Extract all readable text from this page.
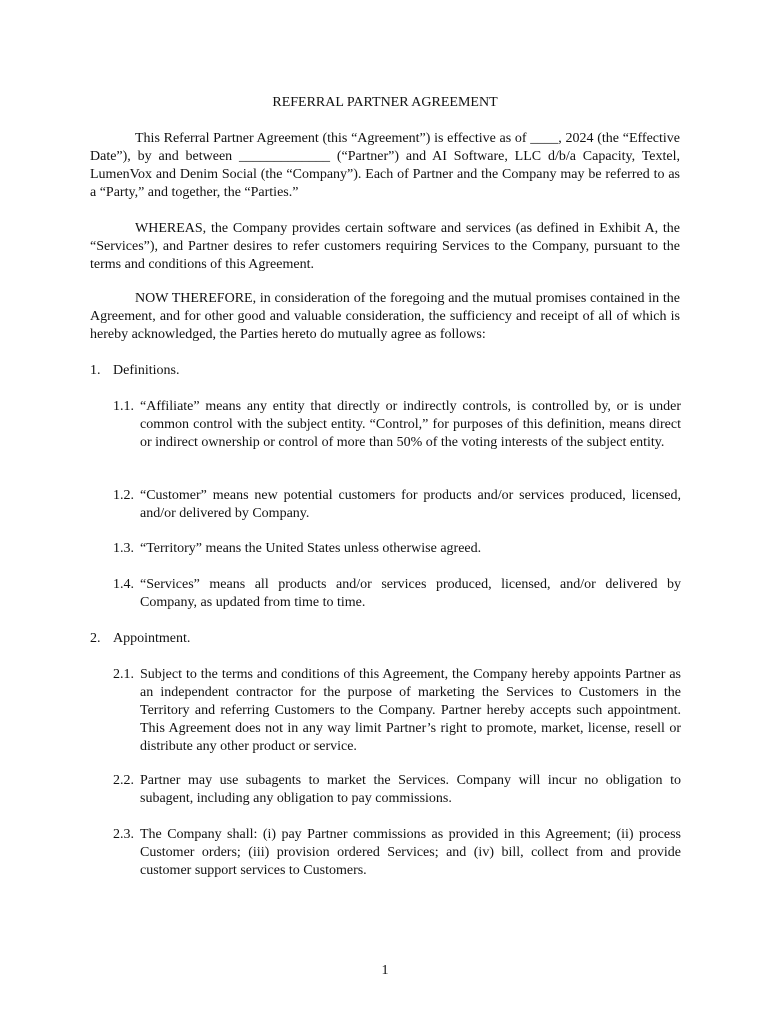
REFERRAL PARTNER AGREEMENT

This Referral Partner Agreement (this “Agreement”) is effective as of ____, 2024 (the “Effective Date”), by and between _____________ (“Partner”) and AI Software, LLC d/b/a Capacity, Textel, LumenVox and Denim Social (the “Company”). Each of Partner and the Company may be referred to as a “Party,” and together, the “Parties.”

WHEREAS, the Company provides certain software and services (as defined in Exhibit A, the “Services”), and Partner desires to refer customers requiring Services to the Company, pursuant to the terms and conditions of this Agreement.

NOW THEREFORE, in consideration of the foregoing and the mutual promises contained in the Agreement, and for other good and valuable consideration, the sufficiency and receipt of all of which is hereby acknowledged, the Parties hereto do mutually agree as follows:

1. Definitions.

1.1. “Affiliate” means any entity that directly or indirectly controls, is controlled by, or is under common control with the subject entity. “Control,” for purposes of this definition, means direct or indirect ownership or control of more than 50% of the voting interests of the subject entity.

1.2. “Customer” means new potential customers for products and/or services produced, licensed, and/or delivered by Company.

1.3. “Territory” means the United States unless otherwise agreed.

1.4. “Services” means all products and/or services produced, licensed, and/or delivered by Company, as updated from time to time.

2. Appointment.

2.1. Subject to the terms and conditions of this Agreement, the Company hereby appoints Partner as an independent contractor for the purpose of marketing the Services to Customers in the Territory and referring Customers to the Company. Partner hereby accepts such appointment. This Agreement does not in any way limit Partner’s right to promote, market, license, resell or distribute any other product or service.

2.2. Partner may use subagents to market the Services. Company will incur no obligation to subagent, including any obligation to pay commissions.

2.3. The Company shall: (i) pay Partner commissions as provided in this Agreement; (ii) process Customer orders; (iii) provision ordered Services; and (iv) bill, collect from and provide customer support services to Customers.

1
